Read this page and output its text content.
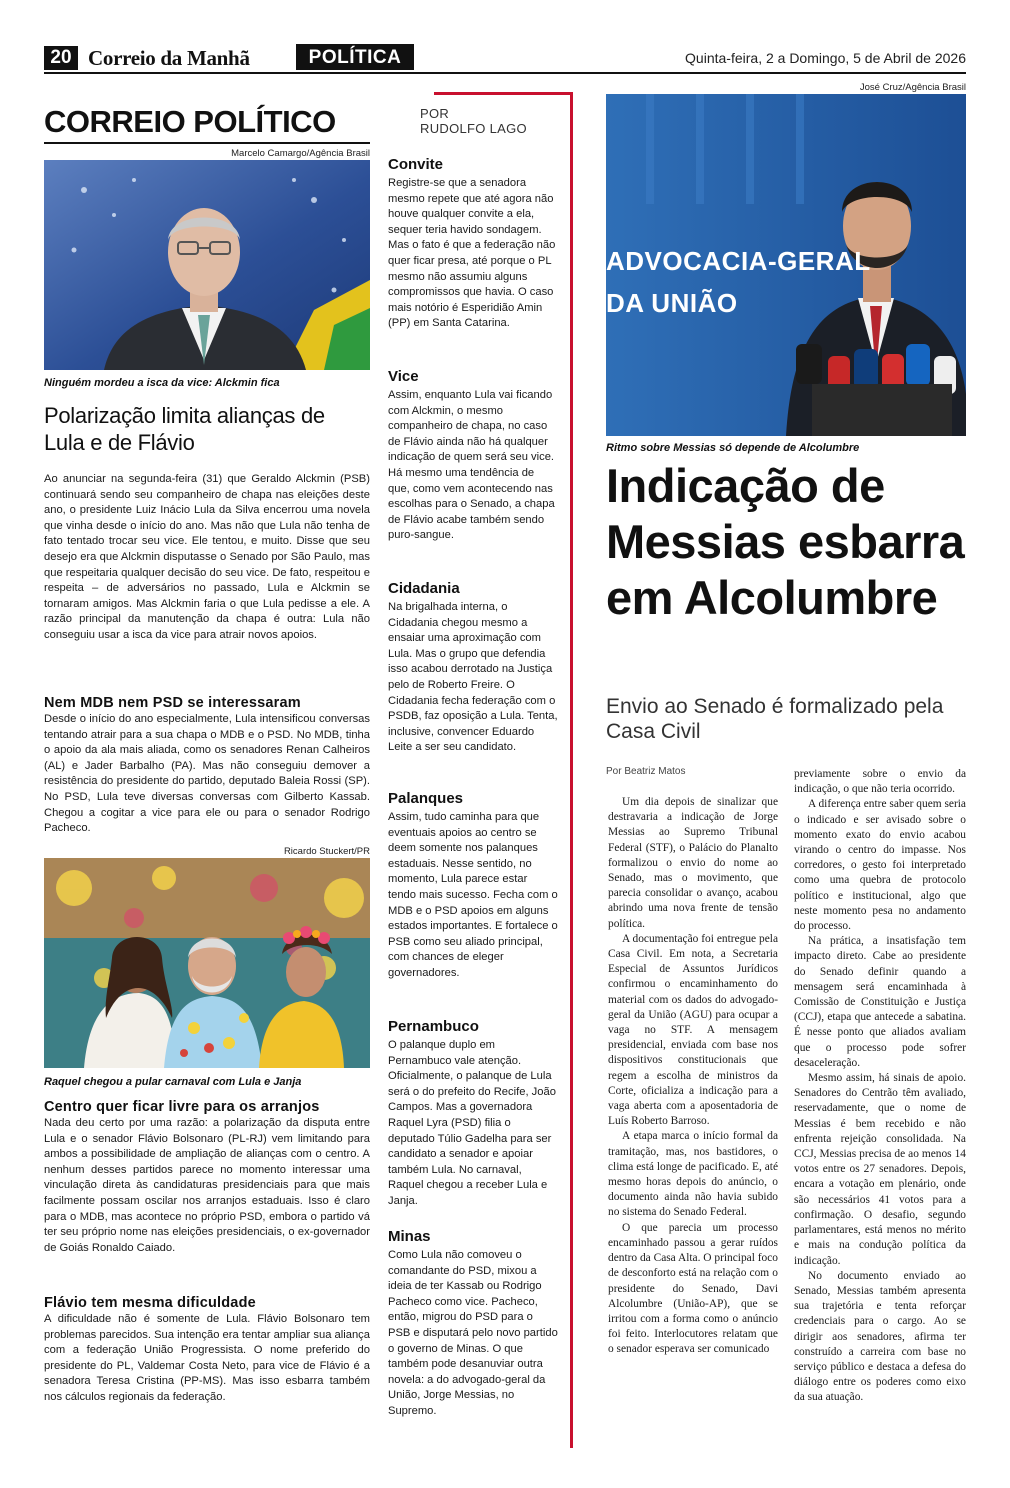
20 Correio da Manhã	POLÍTICA	Quinta-feira, 2 a Domingo, 5 de Abril de 2026
CORREIO POLÍTICO	POR
RUDOLFO LAGO
Marcelo Camargo/Agência Brasil
Ninguém mordeu a isca da vice: Alckmin fica
Polarização limita alianças de Lula e de Flávio
Ao anunciar na segunda-feira (31) que Geraldo Alckmin (PSB) continuará sendo seu companheiro de chapa nas eleições deste ano, o presidente Luiz Inácio Lula da Silva encerrou uma novela que vinha desde o início do ano. Mas não que Lula não tenha de fato tentado trocar seu vice. Ele tentou, e muito. Disse que seu desejo era que Alckmin disputasse o Senado por São Paulo, mas que respeitaria qualquer decisão do seu vice. De fato, respeitou e respeita – de adversários no passado, Lula e Alckmin se tornaram amigos. Mas Alckmin faria o que Lula pedisse a ele. A razão principal da manutenção da chapa é outra: Lula não conseguiu usar a isca da vice para atrair novos apoios.
Nem MDB nem PSD se interessaram
Desde o início do ano especialmente, Lula intensificou conversas tentando atrair para a sua chapa o MDB e o PSD. No MDB, tinha o apoio da ala mais aliada, como os senadores Renan Calheiros (AL) e Jader Barbalho (PA). Mas não conseguiu demover a resistência do presidente do partido, deputado Baleia Rossi (SP). No PSD, Lula teve diversas conversas com Gilberto Kassab. Chegou a cogitar a vice para ele ou para o senador Rodrigo Pacheco.
Ricardo Stuckert/PR
Raquel chegou a pular carnaval com Lula e Janja
Centro quer ficar livre para os arranjos
Nada deu certo por uma razão: a polarização da disputa entre Lula e o senador Flávio Bolsonaro (PL-RJ) vem limitando para ambos a possibilidade de ampliação de alianças com o centro. A nenhum desses partidos parece no momento interessar uma vinculação direta às candidaturas presidenciais para que mais facilmente possam oscilar nos arranjos estaduais. Isso é claro para o MDB, mas acontece no próprio PSD, embora o partido vá ter seu próprio nome nas eleições presidenciais, o ex-governador de Goiás Ronaldo Caiado.
Flávio tem mesma dificuldade
A dificuldade não é somente de Lula. Flávio Bolsonaro tem problemas parecidos. Sua intenção era tentar ampliar sua aliança com a federação União Progressista. O nome preferido do presidente do PL, Valdemar Costa Neto, para vice de Flávio é a senadora Teresa Cristina (PP-MS). Mas isso esbarra também nos cálculos regionais da federação.
Convite
Registre-se que a senadora mesmo repete que até agora não houve qualquer convite a ela, sequer teria havido sondagem. Mas o fato é que a federação não quer ficar presa, até porque o PL mesmo não assumiu alguns compromissos que havia. O caso mais notório é Esperidião Amin (PP) em Santa Catarina.
Vice
Assim, enquanto Lula vai ficando com Alckmin, o mesmo companheiro de chapa, no caso de Flávio ainda não há qualquer indicação de quem será seu vice. Há mesmo uma tendência de que, como vem acontecendo nas escolhas para o Senado, a chapa de Flávio acabe também sendo puro-sangue.
Cidadania
Na brigalhada interna, o Cidadania chegou mesmo a ensaiar uma aproximação com Lula. Mas o grupo que defendia isso acabou derrotado na Justiça pelo de Roberto Freire. O Cidadania fecha federação com o PSDB, faz oposição a Lula. Tenta, inclusive, convencer Eduardo Leite a ser seu candidato.
Palanques
Assim, tudo caminha para que eventuais apoios ao centro se deem somente nos palanques estaduais. Nesse sentido, no momento, Lula parece estar tendo mais sucesso. Fecha com o MDB e o PSD apoios em alguns estados importantes. E fortalece o PSB como seu aliado principal, com chances de eleger governadores.
Pernambuco
O palanque duplo em Pernambuco vale atenção. Oficialmente, o palanque de Lula será o do prefeito do Recife, João Campos. Mas a governadora Raquel Lyra (PSD) filia o deputado Túlio Gadelha para ser candidato a senador e apoiar também Lula. No carnaval, Raquel chegou a receber Lula e Janja.
Minas
Como Lula não comoveu o comandante do PSD, mixou a ideia de ter Kassab ou Rodrigo Pacheco como vice. Pacheco, então, migrou do PSD para o PSB e disputará pelo novo partido o governo de Minas. O que também pode desanuviar outra novela: a do advogado-geral da União, Jorge Messias, no Supremo.
José Cruz/Agência Brasil
ADVOCACIA-GERAL
DA UNIÃO
Ritmo sobre Messias só depende de Alcolumbre
Indicação de Messias esbarra em Alcolumbre
Envio ao Senado é formalizado pela Casa Civil
Por Beatriz Matos

Um dia depois de sinalizar que destravaria a indicação de Jorge Messias ao Supremo Tribunal Federal (STF), o Palácio do Planalto formalizou o envio do nome ao Senado, mas o movimento, que parecia consolidar o avanço, acabou abrindo uma nova frente de tensão política.

A documentação foi entregue pela Casa Civil. Em nota, a Secretaria Especial de Assuntos Jurídicos confirmou o encaminhamento do material com os dados do advogado-geral da União (AGU) para ocupar a vaga no STF. A mensagem presidencial, enviada com base nos dispositivos constitucionais que regem a escolha de ministros da Corte, oficializa a indicação para a vaga aberta com a aposentadoria de Luís Roberto Barroso.

A etapa marca o início formal da tramitação, mas, nos bastidores, o clima está longe de pacificado. E, até mesmo horas depois do anúncio, o documento ainda não havia subido no sistema do Senado Federal.

O que parecia um processo encaminhado passou a gerar ruídos dentro da Casa Alta. O principal foco de desconforto está na relação com o presidente do Senado, Davi Alcolumbre (União-AP), que se irritou com a forma como o anúncio foi feito. Interlocutores relatam que o senador esperava ser comunicado

previamente sobre o envio da indicação, o que não teria ocorrido.

A diferença entre saber quem seria o indicado e ser avisado sobre o momento exato do envio acabou virando o centro do impasse. Nos corredores, o gesto foi interpretado como uma quebra de protocolo político e institucional, algo que neste momento pesa no andamento do processo.

Na prática, a insatisfação tem impacto direto. Cabe ao presidente do Senado definir quando a mensagem será encaminhada à Comissão de Constituição e Justiça (CCJ), etapa que antecede a sabatina. É nesse ponto que aliados avaliam que o processo pode sofrer desaceleração.

Mesmo assim, há sinais de apoio. Senadores do Centrão têm avaliado, reservadamente, que o nome de Messias é bem recebido e não enfrenta rejeição consolidada. Na CCJ, Messias precisa de ao menos 14 votos entre os 27 senadores. Depois, encara a votação em plenário, onde são necessários 41 votos para a confirmação. O desafio, segundo parlamentares, está menos no mérito e mais na condução política da indicação.

No documento enviado ao Senado, Messias também apresenta sua trajetória e tenta reforçar credenciais para o cargo. Ao se dirigir aos senadores, afirma ter construído a carreira com base no serviço público e destaca a defesa do diálogo entre os poderes como eixo da sua atuação.
